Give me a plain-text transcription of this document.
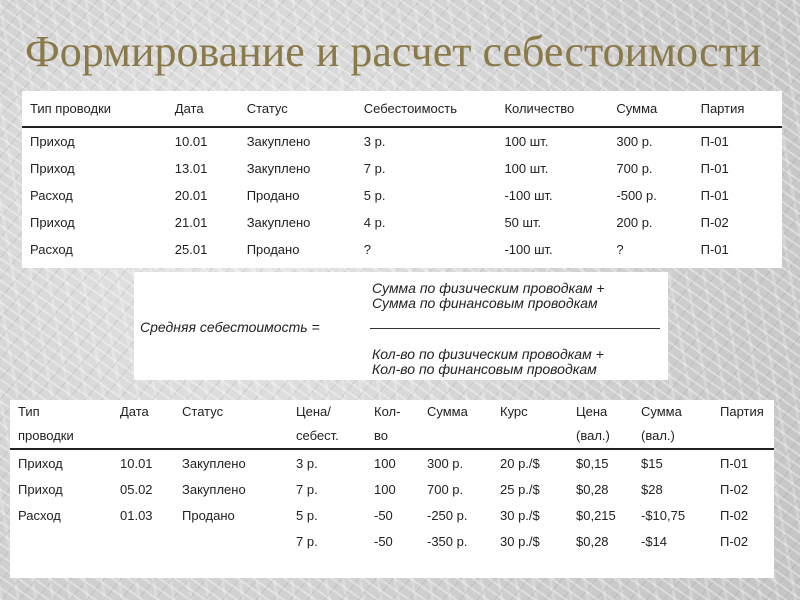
Формирование и расчет себестоимости
Тип проводки	Дата	Статус	Себестоимость	Количество	Сумма	Партия
Приход	10.01	Закуплено	3 р.	100 шт.	300 р.	П-01
Приход	13.01	Закуплено	7 р.	100 шт.	700 р.	П-01
Расход	20.01	Продано	5 р.	-100 шт.	-500 р.	П-01
Приход	21.01	Закуплено	4 р.	50 шт.	200 р.	П-02
Расход	25.01	Продано	?	-100 шт.	?	П-01
Средняя себестоимость =
Сумма по физическим проводкам +
Сумма по финансовым проводкам
Кол-во по физическим проводкам +
Кол-во по финансовым проводкам
Тип	Дата	Статус	Цена/	Кол-	Сумма	Курс	Цена	Сумма	Партия
проводки			себест.	во			(вал.)	(вал.)	
Приход	10.01	Закуплено	3 р.	100	300 р.	20 р./$	$0,15	$15	П-01
Приход	05.02	Закуплено	7 р.	100	700 р.	25 р./$	$0,28	$28	П-02
Расход	01.03	Продано	5 р.	-50	-250 р.	30 р./$	$0,215	-$10,75	П-02
			7 р.	-50	-350 р.	30 р./$	$0,28	-$14	П-02
